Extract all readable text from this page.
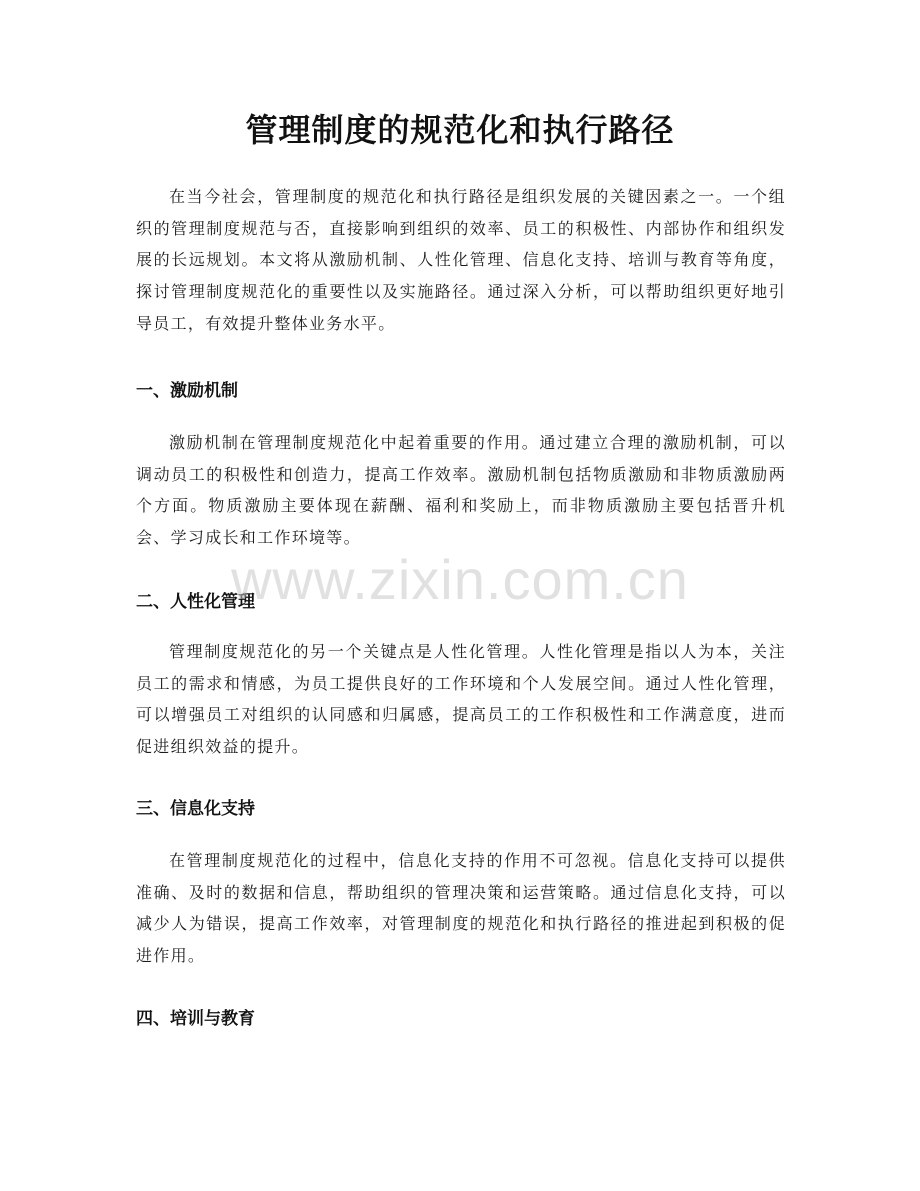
管理制度的规范化和执行路径

在当今社会，管理制度的规范化和执行路径是组织发展的关键因素之一。一个组织的管理制度规范与否，直接影响到组织的效率、员工的积极性、内部协作和组织发展的长远规划。本文将从激励机制、人性化管理、信息化支持、培训与教育等角度，探讨管理制度规范化的重要性以及实施路径。通过深入分析，可以帮助组织更好地引导员工，有效提升整体业务水平。

一、激励机制

激励机制在管理制度规范化中起着重要的作用。通过建立合理的激励机制，可以调动员工的积极性和创造力，提高工作效率。激励机制包括物质激励和非物质激励两个方面。物质激励主要体现在薪酬、福利和奖励上，而非物质激励主要包括晋升机会、学习成长和工作环境等。

二、人性化管理

管理制度规范化的另一个关键点是人性化管理。人性化管理是指以人为本，关注员工的需求和情感，为员工提供良好的工作环境和个人发展空间。通过人性化管理，可以增强员工对组织的认同感和归属感，提高员工的工作积极性和工作满意度，进而促进组织效益的提升。

三、信息化支持

在管理制度规范化的过程中，信息化支持的作用不可忽视。信息化支持可以提供准确、及时的数据和信息，帮助组织的管理决策和运营策略。通过信息化支持，可以减少人为错误，提高工作效率，对管理制度的规范化和执行路径的推进起到积极的促进作用。

四、培训与教育
www.zixin.com.cn
